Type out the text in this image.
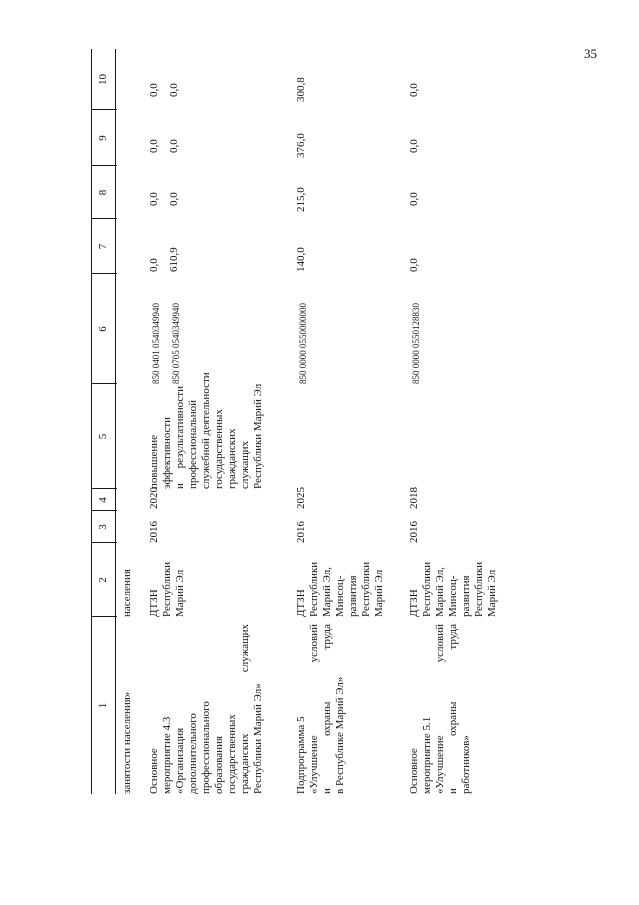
35
1
2
3
4
5
6
7
8
9
10
занятости населения»
населения
Основное мероприятие 4.3 «Организация дополнительного профессионального образования государственных гражданских служащих Республики Марий Эл»
ДТЗН Республики Марий Эл
2016
2020
повышение эффективности и результативности профессиональной служебной деятельности государственных гражданских служащих Республики Марий Эл
850 0401 0540349940 850 0705 0540349940
0,0 610,9
0,0 0,0
0,0 0,0
0,0 0,0
Подпрограмма 5 «Улучшение условий и охраны труда в Республике Марий Эл»
ДТЗН Республики Марий Эл, Минсоц- развития Республики Марий Эл
2016
2025
850 0000 0550000000
140,0
215,0
376,0
300,8
Основное мероприятие 5.1 «Улучшение условий и охраны труда работников»
ДТЗН Республики Марий Эл, Минсоц- развития Республики Марий Эл
2016
2018
850 0000 0550128830
0,0
0,0
0,0
0,0
